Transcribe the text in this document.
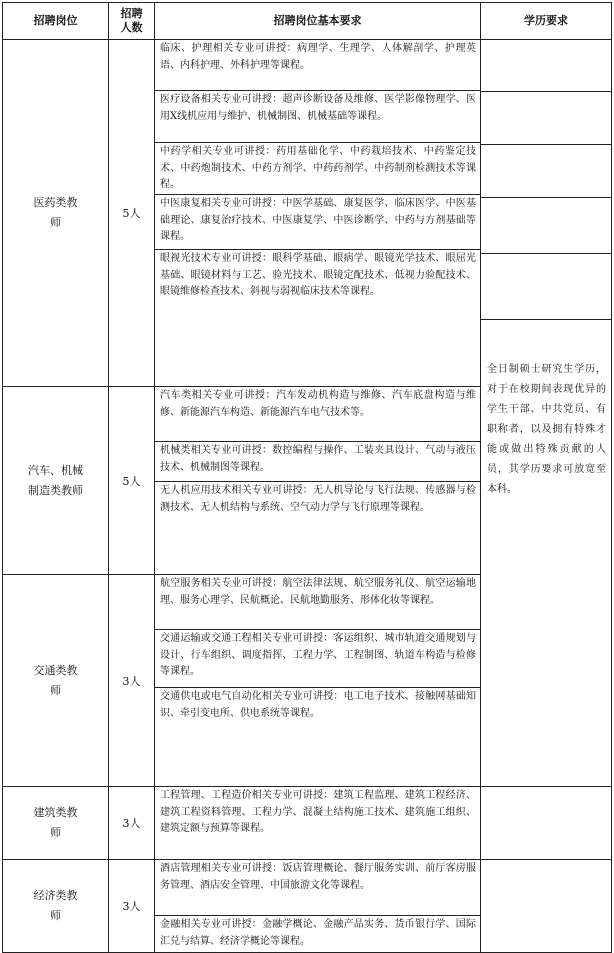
招聘岗位	招聘人数	招聘岗位基本要求	学历要求

医药类教师	5人	临床、护理相关专业可讲授：病理学、生理学、人体解剖学、护理英语、内科护理、外科护理等课程。
医疗设备相关专业可讲授：超声诊断设备及维修、医学影像物理学、医用X线机应用与维护、机械制图、机械基础等课程。
中药学相关专业可讲授：药用基础化学、中药栽培技术、中药鉴定技术、中药炮制技术、中药方剂学、中药药剂学、中药制剂检测技术等课程。
中医康复相关专业可讲授：中医学基础、康复医学、临床医学、中医基础理论、康复治疗技术、中医康复学、中医诊断学、中药与方剂基础等课程。
眼视光技术专业可讲授：眼科学基础、眼病学、眼镜光学技术、眼屈光基础、眼镜材料与工艺、验光技术、眼镜定配技术、低视力验配技术、眼镜维修检查技术、斜视与弱视临床技术等课程。	全日制硕士研究生学历，对于在校期间表现优异的学生干部、中共党员、有职称者，以及拥有特殊才能或做出特殊贡献的人员，其学历要求可放宽至本科。

汽车、机械制造类教师	5人	汽车类相关专业可讲授：汽车发动机构造与维修、汽车底盘构造与维修、新能源汽车构造、新能源汽车电气技术等。
机械类相关专业可讲授：数控编程与操作、工装夹具设计、气动与液压技术、机械制图等课程。
无人机应用技术相关专业可讲授：无人机导论与飞行法规、传感器与检测技术、无人机结构与系统、空气动力学与飞行原理等课程。	

交通类教师	3人	航空服务相关专业可讲授：航空法律法规、航空服务礼仪、航空运输地理、服务心理学、民航概论、民航地勤服务、形体化妆等课程。
交通运输或交通工程相关专业可讲授：客运组织、城市轨道交通规划与设计、行车组织、调度指挥、工程力学、工程制图、轨道车构造与检修等课程。
交通供电或电气自动化相关专业可讲授：电工电子技术、接触网基础知识、牵引变电所、供电系统等课程。	

建筑类教师	3人	工程管理、工程造价相关专业可讲授：建筑工程监理、建筑工程经济、建筑工程资料管理、工程力学、混凝土结构施工技术、建筑施工组织、建筑定额与预算等课程。	

经济类教师	3人	酒店管理相关专业可讲授：饭店管理概论、餐厅服务实训、前厅客房服务管理、酒店安全管理、中国旅游文化等课程。
金融相关专业可讲授：金融学概论、金融产品实务、货币银行学、国际汇兑与结算、经济学概论等课程。	
